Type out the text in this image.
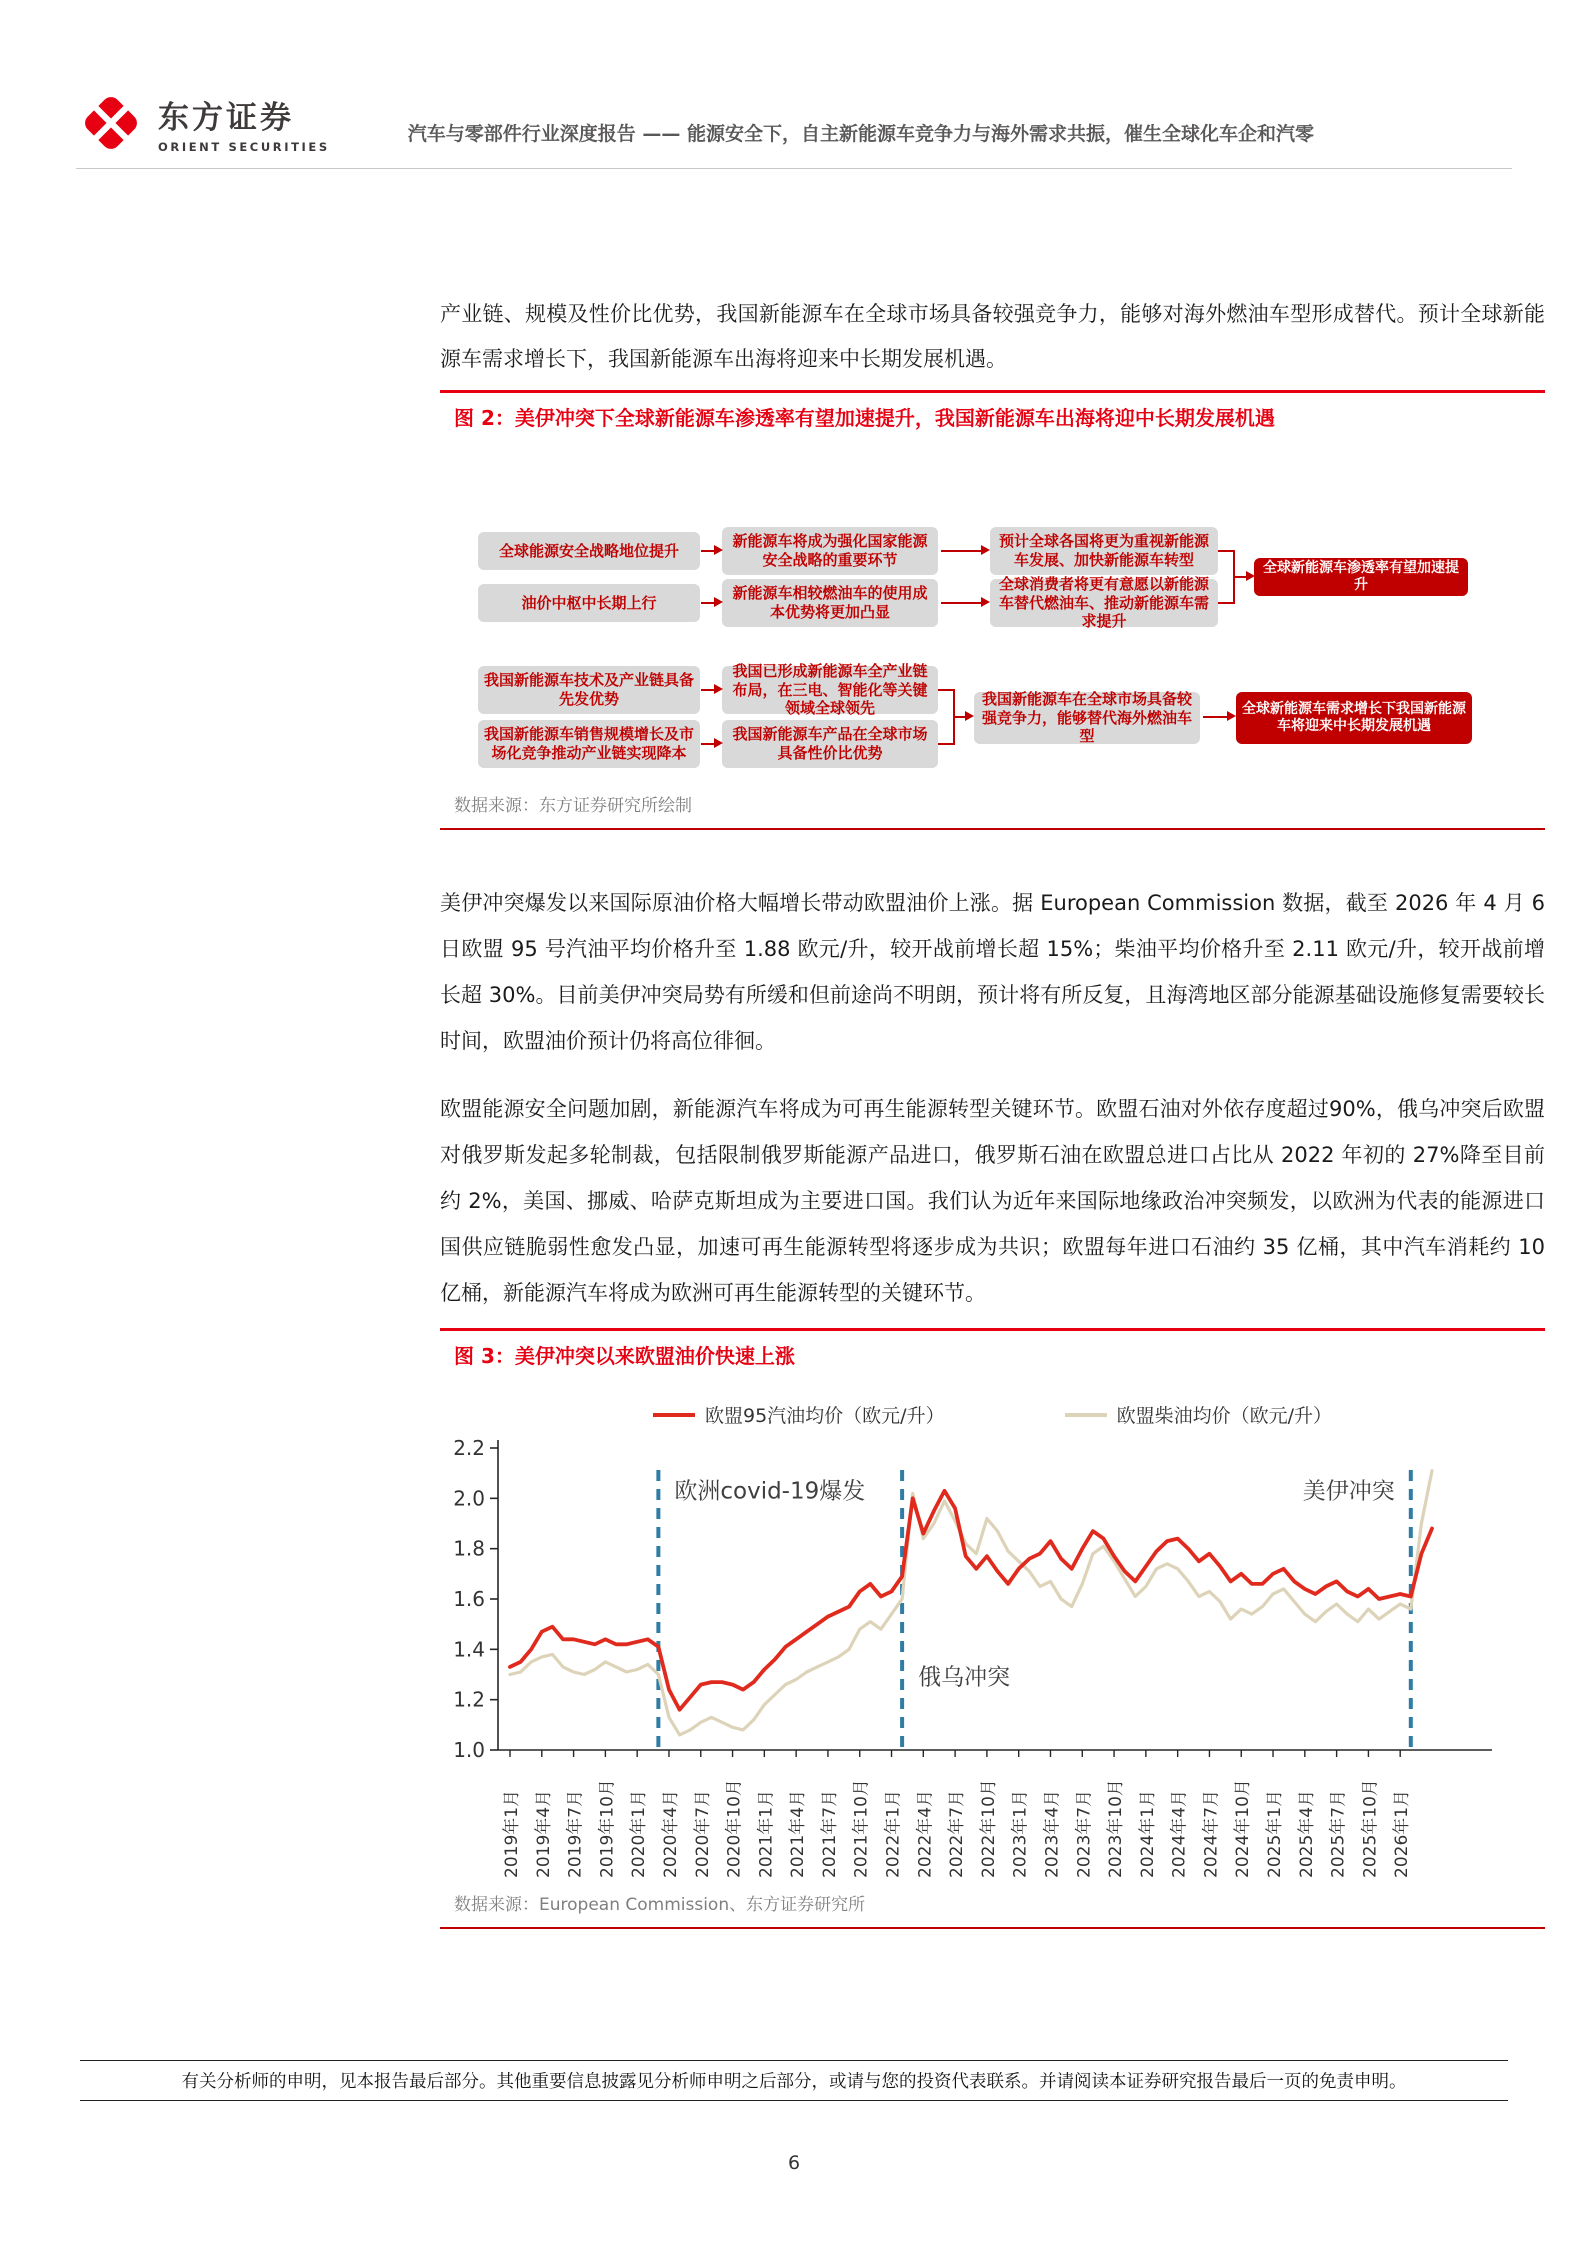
东方证券
ORIENT SECURITIES
汽车与零部件行业深度报告 —— 能源安全下，自主新能源车竞争力与海外需求共振，催生全球化车企和汽零

产业链、规模及性价比优势，我国新能源车在全球市场具备较强竞争力，能够对海外燃油车型形成替代。预计全球新能源车需求增长下，我国新能源车出海将迎来中长期发展机遇。

图 2：美伊冲突下全球新能源车渗透率有望加速提升，我国新能源车出海将迎中长期发展机遇
全球能源安全战略地位提升
油价中枢中长期上行
新能源车将成为强化国家能源安全战略的重要环节
新能源车相较燃油车的使用成本优势将更加凸显
预计全球各国将更为重视新能源车发展、加快新能源车转型
全球消费者将更有意愿以新能源车替代燃油车、推动新能源车需求提升
全球新能源车渗透率有望加速提升
我国新能源车技术及产业链具备先发优势
我国新能源车销售规模增长及市场化竞争推动产业链实现降本
我国已形成新能源车全产业链布局，在三电、智能化等关键领域全球领先
我国新能源车产品在全球市场具备性价比优势
我国新能源车在全球市场具备较强竞争力，能够替代海外燃油车型
全球新能源车需求增长下我国新能源车将迎来中长期发展机遇
数据来源：东方证券研究所绘制

美伊冲突爆发以来国际原油价格大幅增长带动欧盟油价上涨。据 European Commission 数据，截至 2026 年 4 月 6 日欧盟 95 号汽油平均价格升至 1.88 欧元/升，较开战前增长超 15%；柴油平均价格升至 2.11 欧元/升，较开战前增长超 30%。目前美伊冲突局势有所缓和但前途尚不明朗，预计将有所反复，且海湾地区部分能源基础设施修复需要较长时间，欧盟油价预计仍将高位徘徊。

欧盟能源安全问题加剧，新能源汽车将成为可再生能源转型关键环节。欧盟石油对外依存度超过90%，俄乌冲突后欧盟对俄罗斯发起多轮制裁，包括限制俄罗斯能源产品进口，俄罗斯石油在欧盟总进口占比从 2022 年初的 27%降至目前约 2%，美国、挪威、哈萨克斯坦成为主要进口国。我们认为近年来国际地缘政治冲突频发，以欧洲为代表的能源进口国供应链脆弱性愈发凸显，加速可再生能源转型将逐步成为共识；欧盟每年进口石油约 35 亿桶，其中汽车消耗约 10 亿桶，新能源汽车将成为欧洲可再生能源转型的关键环节。

图 3：美伊冲突以来欧盟油价快速上涨
欧盟95汽油均价（欧元/升）	欧盟柴油均价（欧元/升）
1.0
1.2
1.4
1.6
1.8
2.0
2.2
2019年1月 2019年4月 2019年7月 2019年10月 2020年1月 2020年4月 2020年7月 2020年10月 2021年1月 2021年4月 2021年7月 2021年10月 2022年1月 2022年4月 2022年7月 2022年10月 2023年1月 2023年4月 2023年7月 2023年10月 2024年1月 2024年4月 2024年7月 2024年10月 2025年1月 2025年4月 2025年7月 2025年10月 2026年1月
欧洲covid-19爆发
俄乌冲突
美伊冲突
数据来源：European Commission、东方证券研究所
有关分析师的申明，见本报告最后部分。其他重要信息披露见分析师申明之后部分，或请与您的投资代表联系。并请阅读本证券研究报告最后一页的免责申明。
6
